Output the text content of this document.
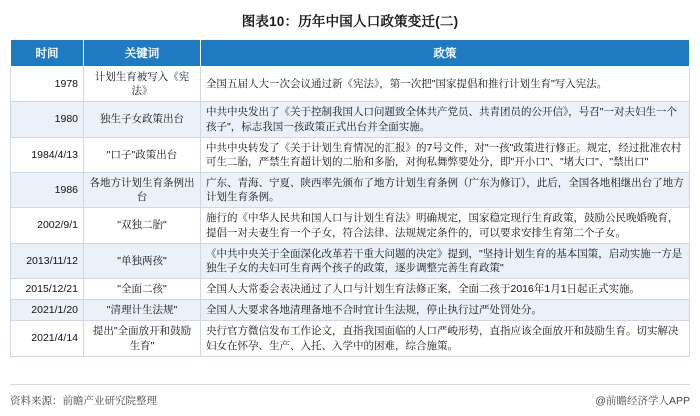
图表10：历年中国人口政策变迁(二)
时间	关键词	政策
1978	计划生育被写入《宪法》	全国五届人大一次会议通过新《宪法》，第一次把"国家提倡和推行计划生育"写入宪法。
1980	独生子女政策出台	中共中央发出了《关于控制我国人口问题致全体共产党员、共青团员的公开信》，号召"一对夫妇生一个孩子"，标志我国一孩政策正式出台并全面实施。
1984/4/13	"口子"政策出台	中共中央转发了《关于计划生育情况的汇报》的7号文件，对"一孩"政策进行修正。规定，经过批准农村可生二胎，严禁生育超计划的二胎和多胎，对徇私舞弊要处分，即"开小口"、"堵大口"、"禁出口"
1986	各地方计划生育条例出台	广东、青海、宁夏、陕西率先颁布了地方计划生育条例（广东为修订），此后，全国各地相继出台了地方计划生育条例。
2002/9/1	"双独二胎"	施行的《中华人民共和国人口与计划生育法》明确规定，国家稳定现行生育政策，鼓励公民晚婚晚育，提倡一对夫妻生育一个子女，符合法律、法规规定条件的，可以要求安排生育第二个子女。
2013/11/12	"单独两孩"	《中共中央关于全面深化改革若干重大问题的决定》提到，"坚持计划生育的基本国策，启动实施一方是独生子女的夫妇可生育两个孩子的政策，逐步调整完善生育政策"
2015/12/21	"全面二孩"	全国人大常委会表决通过了人口与计划生育法修正案，全面二孩于2016年1月1日起正式实施。
2021/1/20	"清理计生法规"	全国人大要求各地清理备地不合时宜计生法规，停止执行过严处罚处分。
2021/4/14	提出"全面放开和鼓励生育"	央行官方微信发布工作论文，直指我国面临的人口严峻形势，直指应该全面放开和鼓励生育。切实解决妇女在怀孕、生产、入托、入学中的困难，综合施策。
资料来源：前瞻产业研究院整理	@前瞻经济学人APP
